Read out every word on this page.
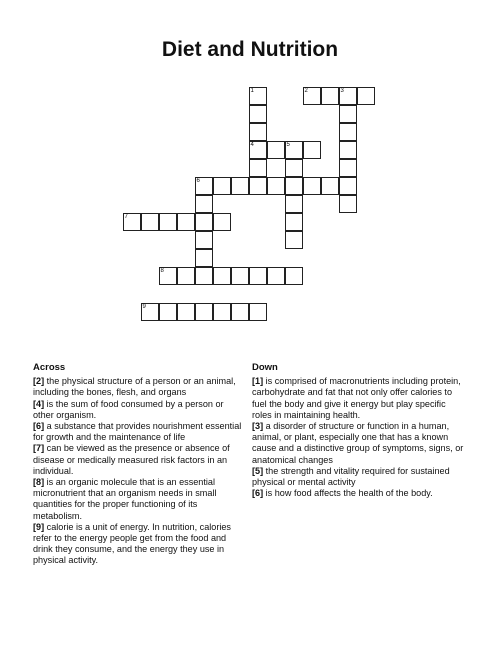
Diet and Nutrition
1	2	3
4	5
6
7
8
9
Across

[2] the physical structure of a person or an animal, including the bones, flesh, and organs

[4] is the sum of food consumed by a person or other organism.

[6] a substance that provides nourishment essential for growth and the maintenance of life

[7] can be viewed as the presence or absence of disease or medically measured risk factors in an individual.

[8] is an organic molecule that is an essential micronutrient that an organism needs in small quantities for the proper functioning of its metabolism.

[9] calorie is a unit of energy. In nutrition, calories refer to the energy people get from the food and drink they consume, and the energy they use in physical activity.

Down

[1] is comprised of macronutrients including protein, carbohydrate and fat that not only offer calories to fuel the body and give it energy but play specific roles in maintaining health.

[3] a disorder of structure or function in a human, animal, or plant, especially one that has a known cause and a distinctive group of symptoms, signs, or anatomical changes

[5] the strength and vitality required for sustained physical or mental activity

[6] is how food affects the health of the body.
